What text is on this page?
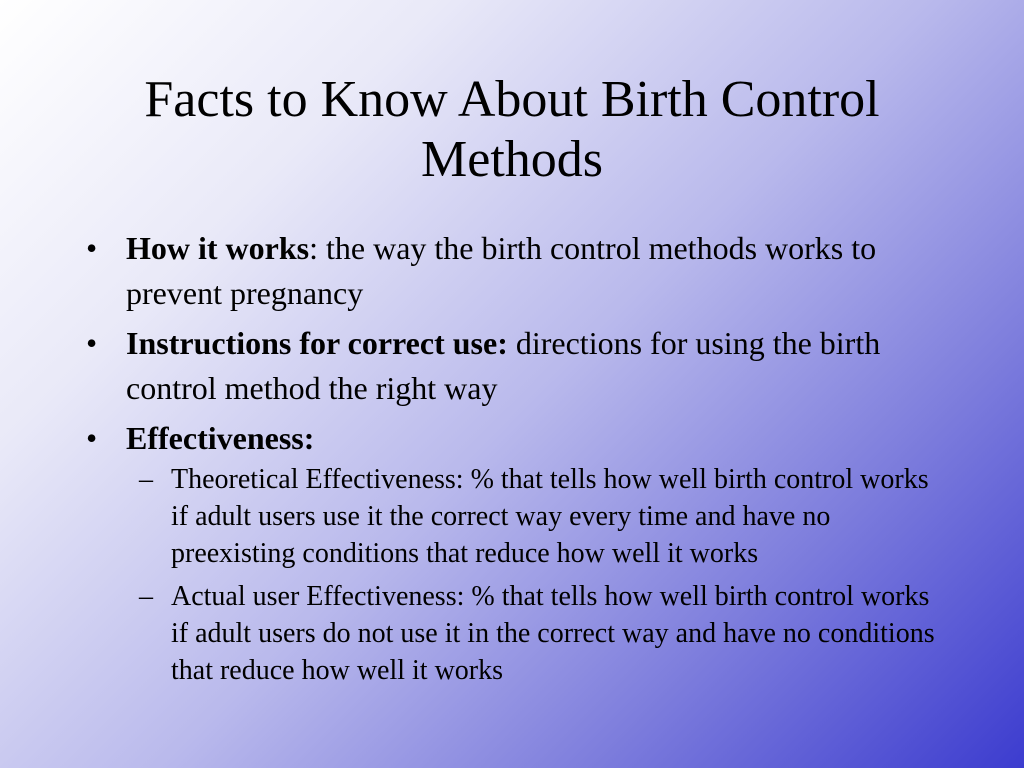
Facts to Know About Birth Control Methods
• How it works: the way the birth control methods works to prevent pregnancy
• Instructions for correct use: directions for using the birth control method the right way
• Effectiveness:
– Theoretical Effectiveness: % that tells how well birth control works if adult users use it the correct way every time and have no preexisting conditions that reduce how well it works
– Actual user Effectiveness: % that tells how well birth control works if adult users do not use it in the correct way and have no conditions that reduce how well it works
